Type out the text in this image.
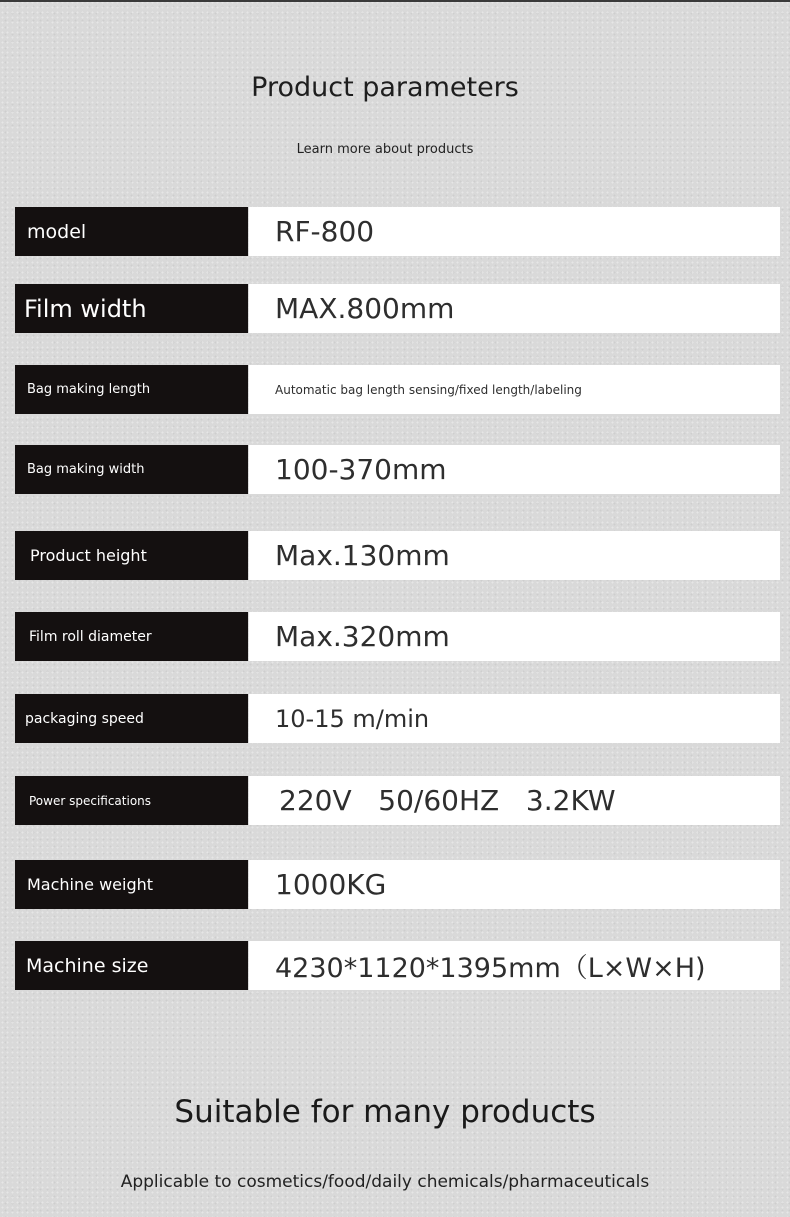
Product parameters
Learn more about products
model	RF-800
Film width	MAX.800mm
Bag making length	Automatic bag length sensing/fixed length/labeling
Bag making width	100-370mm
Product height	Max.130mm
Film roll diameter	Max.320mm
packaging speed	10-15 m/min
Power specifications	220V   50/60HZ   3.2KW
Machine weight	1000KG
Machine size	4230*1120*1395mm（L×W×H)
Suitable for many products
Applicable to cosmetics/food/daily chemicals/pharmaceuticals
